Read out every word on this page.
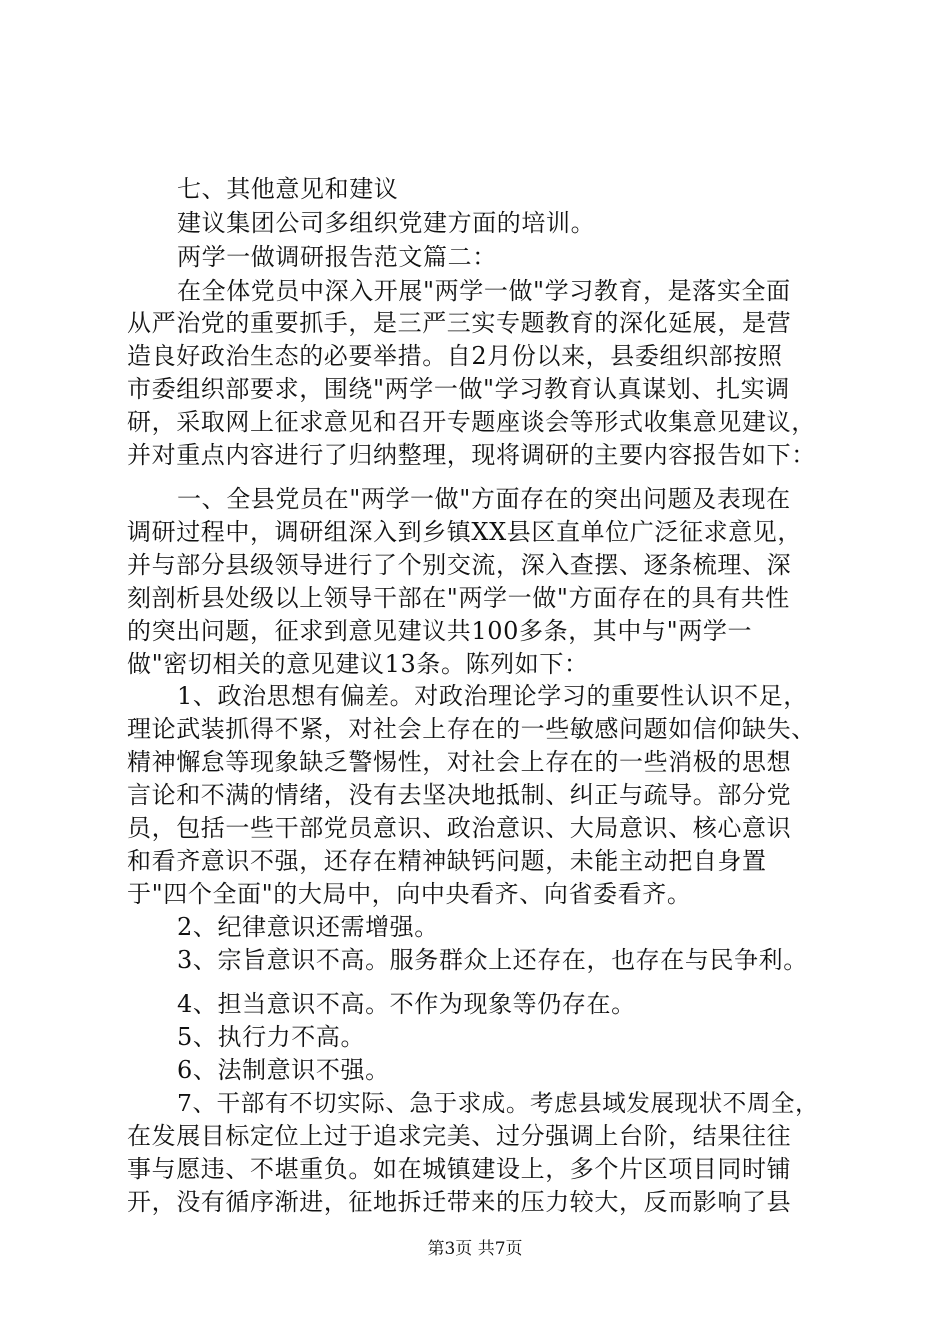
七、其他意见和建议
建议集团公司多组织党建方面的培训。
两学一做调研报告范文篇二：
在全体党员中深入开展"两学一做"学习教育，是落实全面
从严治党的重要抓手，是三严三实专题教育的深化延展，是营
造良好政治生态的必要举措。自2月份以来，县委组织部按照
市委组织部要求，围绕"两学一做"学习教育认真谋划、扎实调
研，采取网上征求意见和召开专题座谈会等形式收集意见建议，
并对重点内容进行了归纳整理，现将调研的主要内容报告如下：
一、全县党员在"两学一做"方面存在的突出问题及表现在
调研过程中，调研组深入到乡镇XX县区直单位广泛征求意见，
并与部分县级领导进行了个别交流，深入查摆、逐条梳理、深
刻剖析县处级以上领导干部在"两学一做"方面存在的具有共性
的突出问题，征求到意见建议共100多条，其中与"两学一
做"密切相关的意见建议13条。陈列如下：
1、政治思想有偏差。对政治理论学习的重要性认识不足，
理论武装抓得不紧，对社会上存在的一些敏感问题如信仰缺失、
精神懈怠等现象缺乏警惕性，对社会上存在的一些消极的思想
言论和不满的情绪，没有去坚决地抵制、纠正与疏导。部分党
员，包括一些干部党员意识、政治意识、大局意识、核心意识
和看齐意识不强，还存在精神缺钙问题，未能主动把自身置
于"四个全面"的大局中，向中央看齐、向省委看齐。
2、纪律意识还需增强。
3、宗旨意识不高。服务群众上还存在，也存在与民争利。
4、担当意识不高。不作为现象等仍存在。
5、执行力不高。
6、法制意识不强。
7、干部有不切实际、急于求成。考虑县域发展现状不周全，
在发展目标定位上过于追求完美、过分强调上台阶，结果往往
事与愿违、不堪重负。如在城镇建设上，多个片区项目同时铺
开，没有循序渐进，征地拆迁带来的压力较大，反而影响了县
第3页 共7页
